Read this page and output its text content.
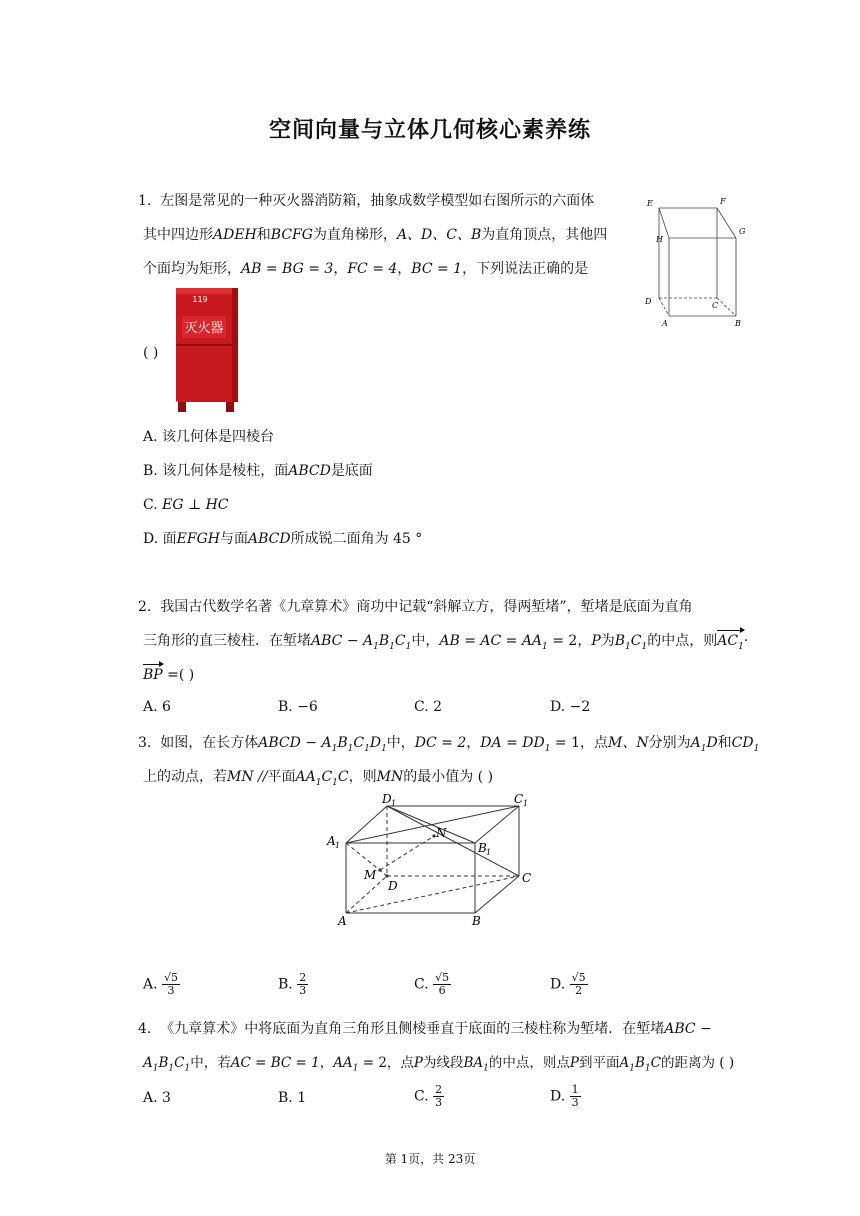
空间向量与立体几何核心素养练
1. 左图是常见的一种灭火器消防箱，抽象成数学模型如右图所示的六面体
其中四边形ADEH和BCFG为直角梯形，A、D、C、B为直角顶点，其他四
个面均为矩形，AB = BG = 3，FC = 4，BC = 1，下列说法正确的是
灭火器
119
( )
E	F
H
G
D	C
A	B
A. 该几何体是四棱台
B. 该几何体是棱柱，面ABCD是底面
C. EG ⊥ HC
D. 面EFGH与面ABCD所成锐二面角为 45 °
2. 我国古代数学名著《九章算术》商功中记载“斜解立方，得两堑堵”，堑堵是底面为直角
三角形的直三棱柱．在堑堵ABC − $A_1B_1C_1$中，AB = AC = $AA_1 = 2$，P为$B_1C_1$的中点，则$AC_1\cdot$
BP =( )
A. 6	B. −6	C. 2	D. −2
3. 如图，在长方体ABCD − $A_1B_1C_1D_1$中，DC = 2，DA = $DD_1 = 1$，点M、N分别为$A_1D$和$CD_1$
上的动点，若MN //平面$AA_1C_1C$，则MN的最小值为 ( )
D 1	C 1
A 1
N
B 1
M
D
C
A	B
A. $\frac{√5}{3}$	B. $\frac{2}{3}$	C. $\frac{√5}{6}$	D. $\frac{√5}{2}$
4. 《九章算术》中将底面为直角三角形且侧棱垂直于底面的三棱柱称为堑堵．在堑堵ABC −
$A_1B_1C_1$中，若AC = BC = 1，$AA_1 = 2$，点P为线段$BA_1$的中点，则点P到平面$A_1B_1C$的距离为 ( )
A. 3	B. 1	C. $\frac{2}{3}$	D. $\frac{1}{3}$
第 1页，共 23页
